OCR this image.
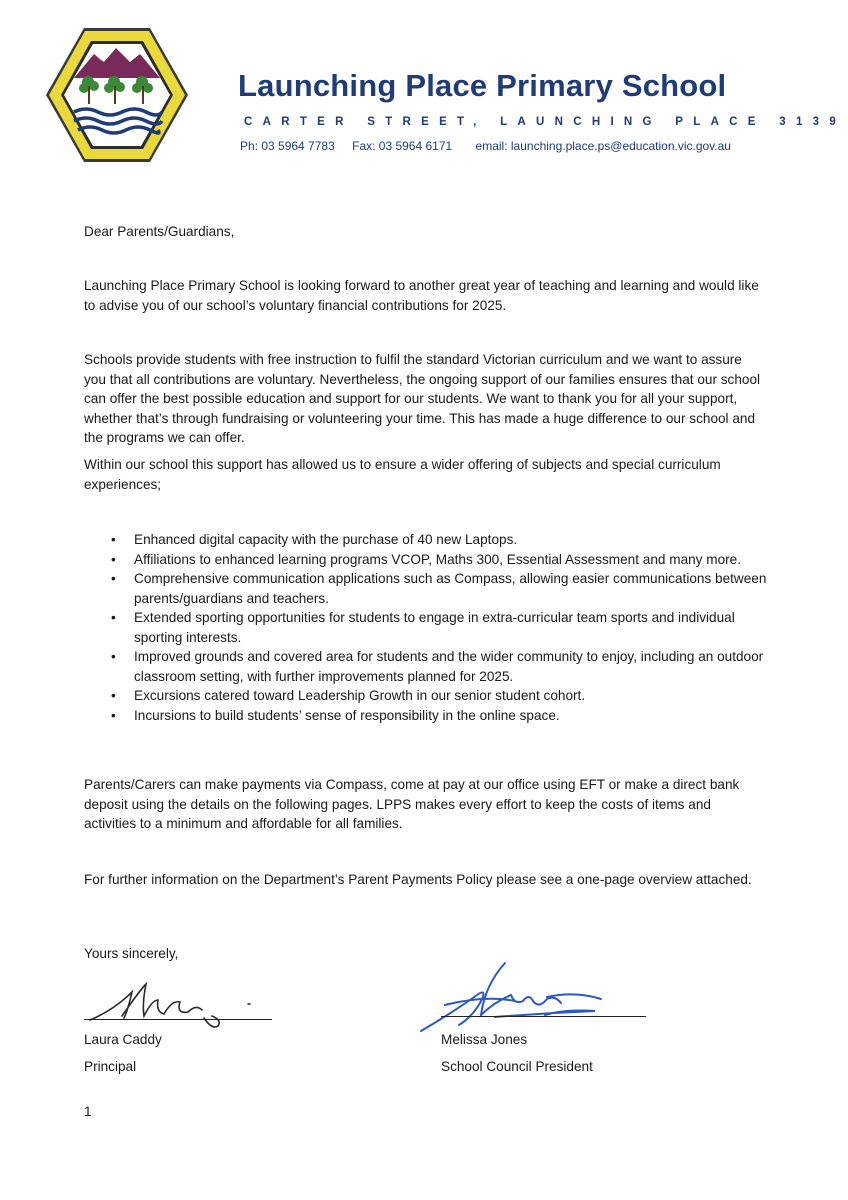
Launching Place Primary School
CARTER STREET, LAUNCHING PLACE 3139
Ph: 03 5964 7783 Fax: 03 5964 6171 email: launching.place.ps@education.vic.gov.au
Dear Parents/Guardians,
Launching Place Primary School is looking forward to another great year of teaching and learning and would like to advise you of our school’s voluntary financial contributions for 2025.
Schools provide students with free instruction to fulfil the standard Victorian curriculum and we want to assure you that all contributions are voluntary. Nevertheless, the ongoing support of our families ensures that our school can offer the best possible education and support for our students. We want to thank you for all your support, whether that’s through fundraising or volunteering your time. This has made a huge difference to our school and the programs we can offer.
Within our school this support has allowed us to ensure a wider offering of subjects and special curriculum experiences;
• Enhanced digital capacity with the purchase of 40 new Laptops.
• Affiliations to enhanced learning programs VCOP, Maths 300, Essential Assessment and many more.
• Comprehensive communication applications such as Compass, allowing easier communications between parents/guardians and teachers.
• Extended sporting opportunities for students to engage in extra-curricular team sports and individual sporting interests.
• Improved grounds and covered area for students and the wider community to enjoy, including an outdoor classroom setting, with further improvements planned for 2025.
• Excursions catered toward Leadership Growth in our senior student cohort.
• Incursions to build students’ sense of responsibility in the online space.
Parents/Carers can make payments via Compass, come at pay at our office using EFT or make a direct bank deposit using the details on the following pages. LPPS makes every effort to keep the costs of items and activities to a minimum and affordable for all families.
For further information on the Department’s Parent Payments Policy please see a one-page overview attached.
Yours sincerely,
Laura Caddy
Principal
Melissa Jones
School Council President
1
